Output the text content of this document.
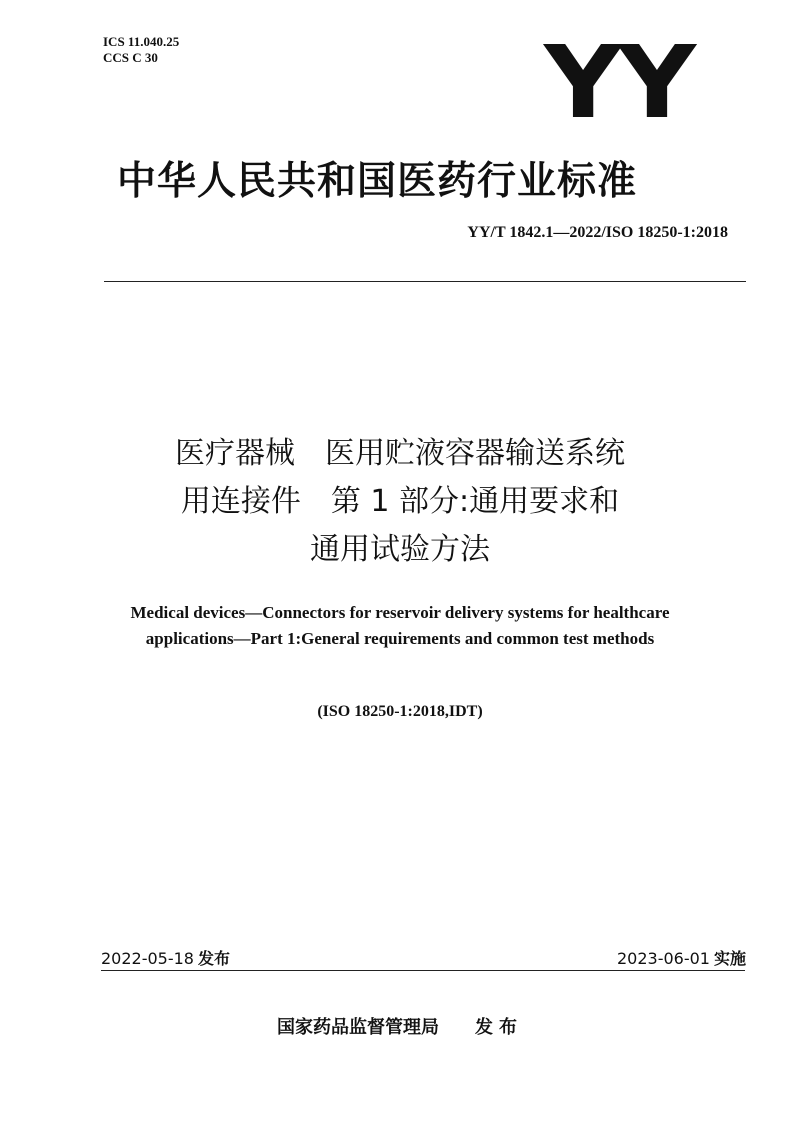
ICS 11.040.25
CCS C 30	YY
中华人民共和国医药行业标准
YY/T 1842.1—2022/ISO 18250-1:2018
医疗器械　医用贮液容器输送系统
用连接件　第 1 部分:通用要求和
通用试验方法
Medical devices—Connectors for reservoir delivery systems for healthcare
applications—Part 1:General requirements and common test methods
(ISO 18250-1:2018,IDT)
2022-05-18 发布	2023-06-01 实施
国家药品监督管理局 发布
